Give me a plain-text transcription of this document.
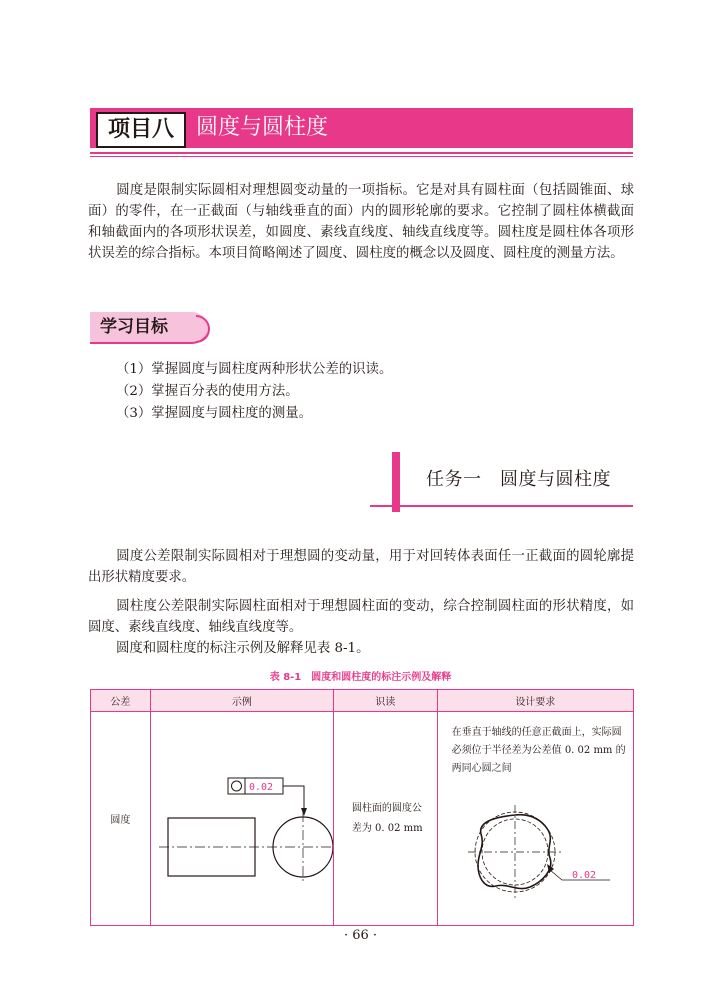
项目八 圆度与圆柱度

圆度是限制实际圆相对理想圆变动量的一项指标。它是对具有圆柱面（包括圆锥面、球面）的零件，在一正截面（与轴线垂直的面）内的圆形轮廓的要求。它控制了圆柱体横截面和轴截面内的各项形状误差，如圆度、素线直线度、轴线直线度等。圆柱度是圆柱体各项形状误差的综合指标。本项目简略阐述了圆度、圆柱度的概念以及圆度、圆柱度的测量方法。

学习目标
（1）掌握圆度与圆柱度两种形状公差的识读。
（2）掌握百分表的使用方法。
（3）掌握圆度与圆柱度的测量。
任务一　圆度与圆柱度

圆度公差限制实际圆相对于理想圆的变动量，用于对回转体表面任一正截面的圆轮廓提出形状精度要求。

圆柱度公差限制实际圆柱面相对于理想圆柱面的变动，综合控制圆柱面的形状精度，如圆度、素线直线度、轴线直线度等。

圆度和圆柱度的标注示例及解释见表 8-1。

表 8-1　圆度和圆柱度的标注示例及解释
公差	示例	识读	设计要求
圆度	0.02	圆柱面的圆度公差为 0. 02 mm	在垂直于轴线的任意正截面上，实际圆必须位于半径差为公差值 0. 02 mm 的两同心圆之间
0.02
· 66 ·
